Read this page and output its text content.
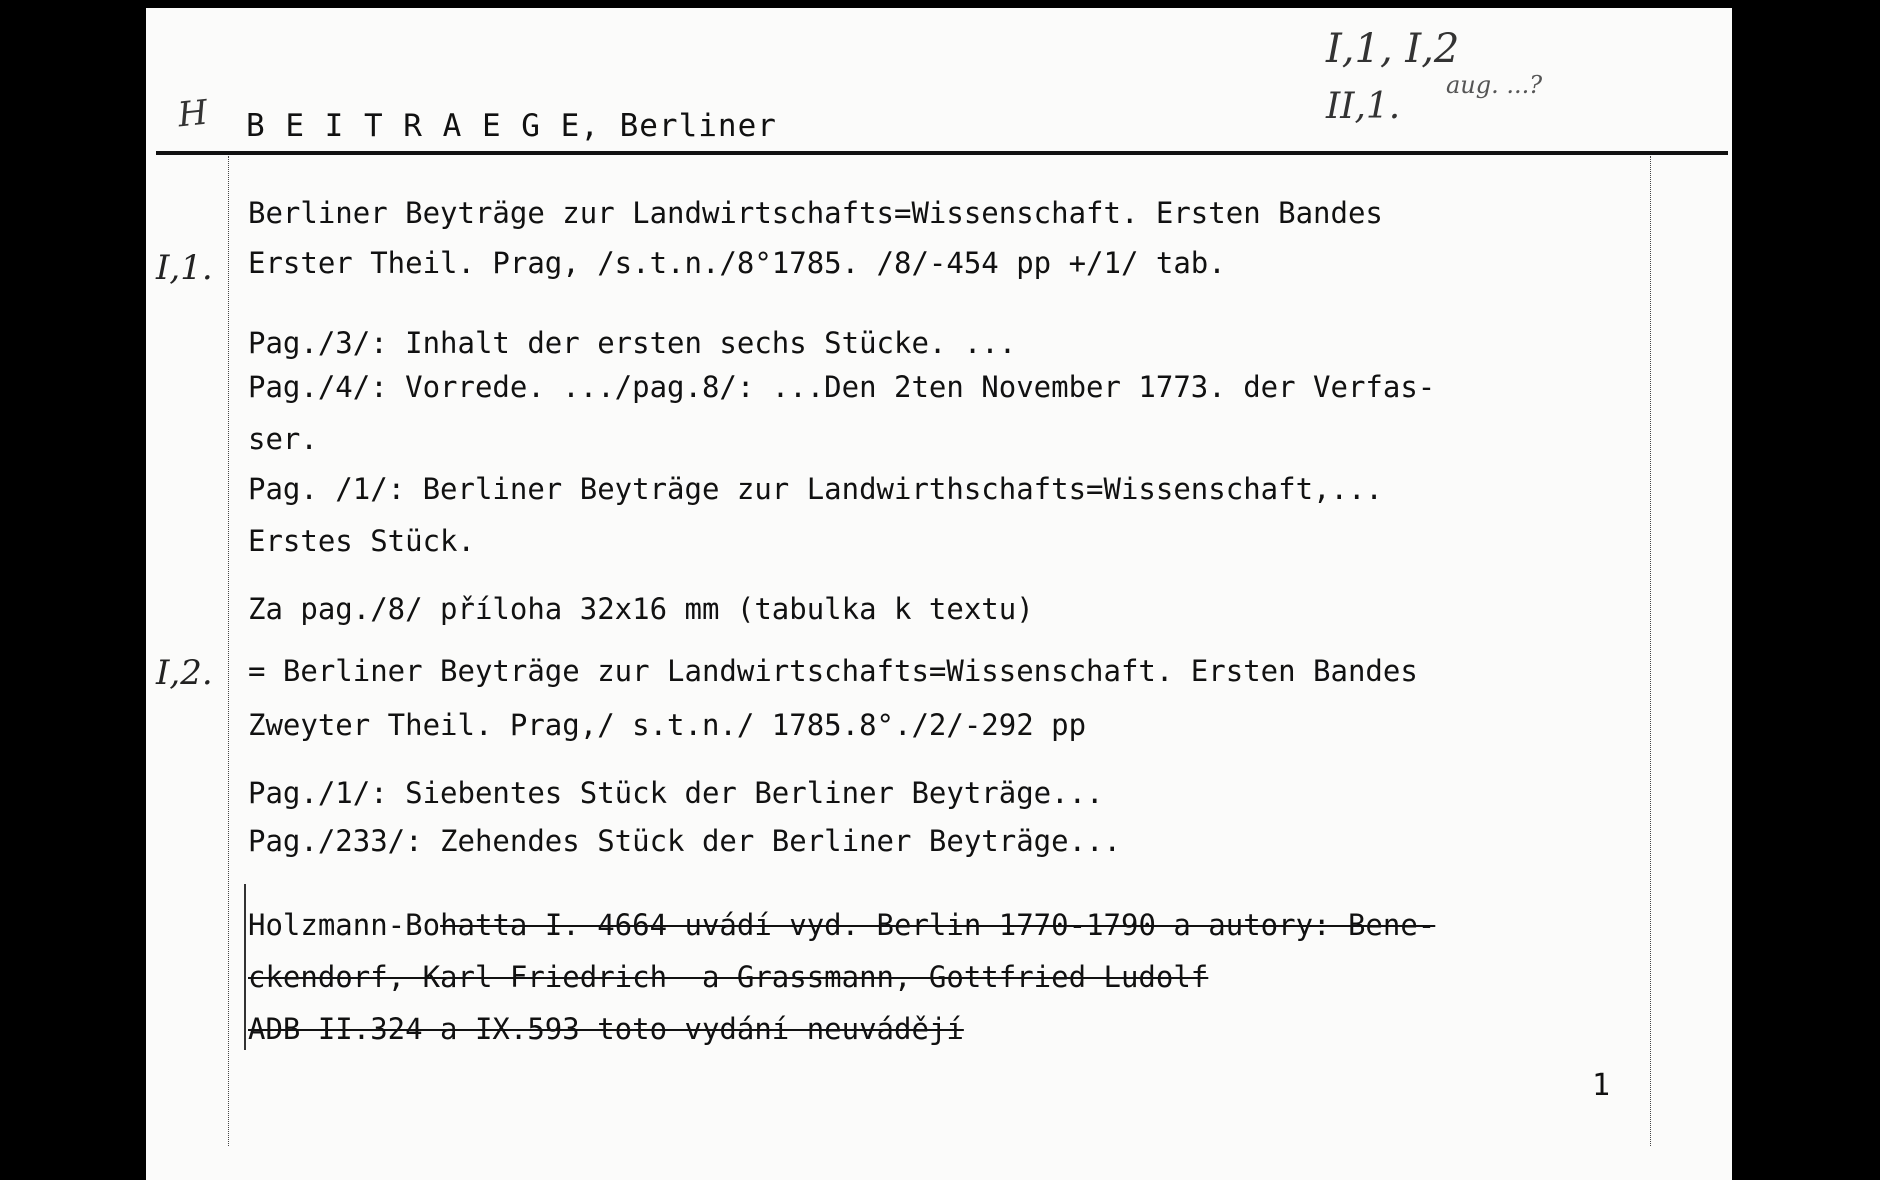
H B E I T R A E G E, Berliner
I,1, I,2
II,1.
aug. ...?
I,1.
Berliner Beyträge zur Landwirtschafts=Wissenschaft. Ersten Bandes
Erster Theil. Prag, /s.t.n./8°1785. /8/-454 pp +/1/ tab.
Pag./3/: Inhalt der ersten sechs Stücke. ...
Pag./4/: Vorrede. .../pag.8/: ...Den 2ten November 1773. der Verfas-
ser.
Pag. /1/: Berliner Beyträge zur Landwirthschafts=Wissenschaft,...
Erstes Stück.
Za pag./8/ příloha 32x16 mm (tabulka k textu)
I,2. = Berliner Beyträge zur Landwirtschafts=Wissenschaft. Ersten Bandes
Zweyter Theil. Prag,/ s.t.n./ 1785.8°./2/-292 pp
Pag./1/: Siebentes Stück der Berliner Beyträge...
Pag./233/: Zehendes Stück der Berliner Beyträge...
Holzmann-Bohatta I. 4664 uvádí vyd. Berlin 1770-1790 a autory: Bene-
ckendorf, Karl Friedrich  a Grassmann, Gottfried Ludolf
ADB II.324 a IX.593 toto vydání neuvádějí
1
